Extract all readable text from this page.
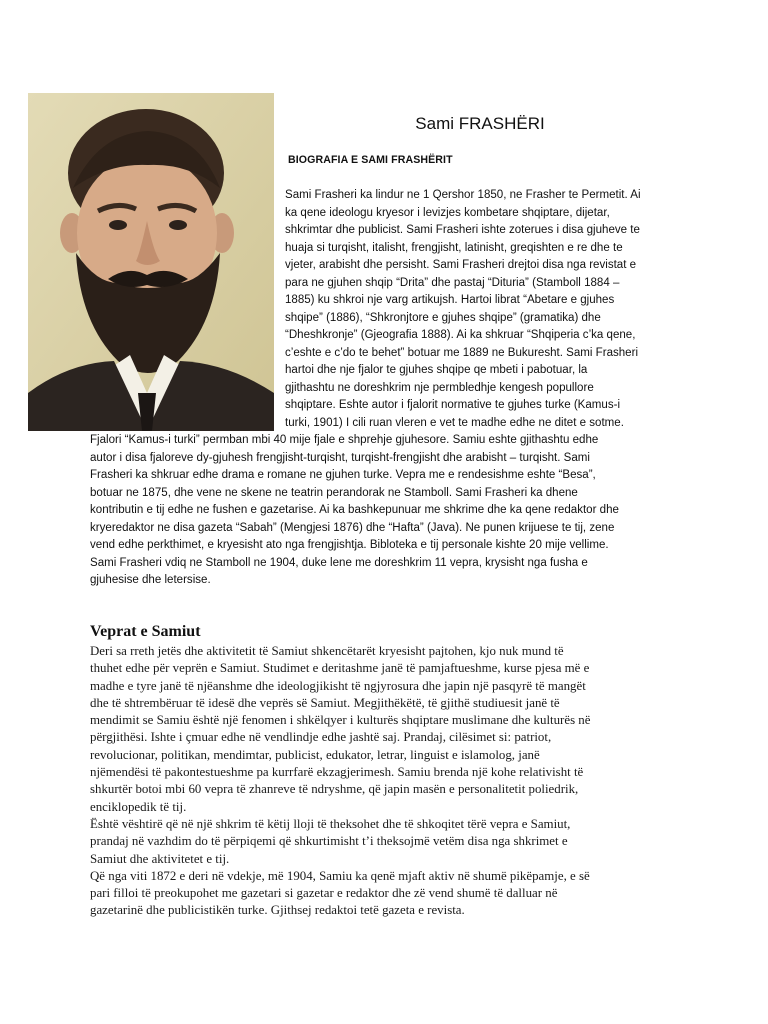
Sami FRASHËRI
BIOGRAFIA E SAMI FRASHËRIT
Sami Frasheri ka lindur ne 1 Qershor 1850, ne Frasher te Permetit. Ai
ka qene ideologu kryesor i levizjes kombetare shqiptare, dijetar,
shkrimtar dhe publicist. Sami Frasheri ishte zoterues i disa gjuheve te
huaja si turqisht, italisht, frengjisht, latinisht, greqishten e re dhe te
vjeter, arabisht dhe persisht. Sami Frasheri drejtoi disa nga revistat e
para ne gjuhen shqip “Drita” dhe pastaj “Dituria” (Stamboll 1884 –
1885) ku shkroi nje varg artikujsh. Hartoi librat “Abetare e gjuhes
shqipe” (1886), “Shkronjtore e gjuhes shqipe” (gramatika) dhe
“Dheshkronje” (Gjeografia 1888). Ai ka shkruar “Shqiperia c’ka qene,
c’eshte e c’do te behet” botuar me 1889 ne Bukuresht. Sami Frasheri
hartoi dhe nje fjalor te gjuhes shqipe qe mbeti i pabotuar, la
gjithashtu ne doreshkrim nje permbledhje kengesh popullore
shqiptare. Eshte autor i fjalorit normative te gjuhes turke (Kamus-i
turki, 1901) I cili ruan vleren e vet te madhe edhe ne ditet e sotme.
Fjalori “Kamus-i turki” permban mbi 40 mije fjale e shprehje gjuhesore. Samiu eshte gjithashtu edhe
autor i disa fjaloreve dy-gjuhesh frengjisht-turqisht, turqisht-frengjisht dhe arabisht – turqisht. Sami
Frasheri ka shkruar edhe drama e romane ne gjuhen turke. Vepra me e rendesishme eshte “Besa”,
botuar ne 1875, dhe vene ne skene ne teatrin perandorak ne Stamboll. Sami Frasheri ka dhene
kontributin e tij edhe ne fushen e gazetarise. Ai ka bashkepunuar me shkrime dhe ka qene redaktor dhe
kryeredaktor ne disa gazeta “Sabah” (Mengjesi 1876) dhe “Hafta” (Java). Ne punen krijuese te tij, zene
vend edhe perkthimet, e kryesisht ato nga frengjishtja. Bibloteka e tij personale kishte 20 mije vellime.
Sami Frasheri vdiq ne Stamboll ne 1904, duke lene me doreshkrim 11 vepra, krysisht nga fusha e
gjuhesise dhe letersise.
Veprat e Samiut
Deri sa rreth jetës dhe aktivitetit të Samiut shkencëtarët kryesisht pajtohen, kjo nuk mund të
thuhet edhe për veprën e Samiut. Studimet e deritashme janë të pamjaftueshme, kurse pjesa më e
madhe e tyre janë të njëanshme dhe ideologjikisht të ngjyrosura dhe japin një pasqyrë të mangët
dhe të shtrembëruar të idesë dhe veprës së Samiut. Megjithëkëtë, të gjithë studiuesit janë të
mendimit se Samiu është një fenomen i shkëlqyer i kulturës shqiptare muslimane dhe kulturës në
përgjithësi. Ishte i çmuar edhe në vendlindje edhe jashtë saj. Prandaj, cilësimet si: patriot,
revolucionar, politikan, mendimtar, publicist, edukator, letrar, linguist e islamolog, janë
njëmendësi të pakontestueshme pa kurrfarë ekzagjerimesh. Samiu brenda një kohe relativisht të
shkurtër botoi mbi 60 vepra të zhanreve të ndryshme, që japin masën e personalitetit poliedrik,
enciklopedik të tij.
Është vështirë që në një shkrim të këtij lloji të theksohet dhe të shkoqitet tërë vepra e Samiut,
prandaj në vazhdim do të përpiqemi që shkurtimisht t’i theksojmë vetëm disa nga shkrimet e
Samiut dhe aktivitetet e tij.
Që nga viti 1872 e deri në vdekje, më 1904, Samiu ka qenë mjaft aktiv në shumë pikëpamje, e së
pari filloi të preokupohet me gazetari si gazetar e redaktor dhe zë vend shumë të dalluar në
gazetarinë dhe publicistikën turke. Gjithsej redaktoi tetë gazeta e revista.
